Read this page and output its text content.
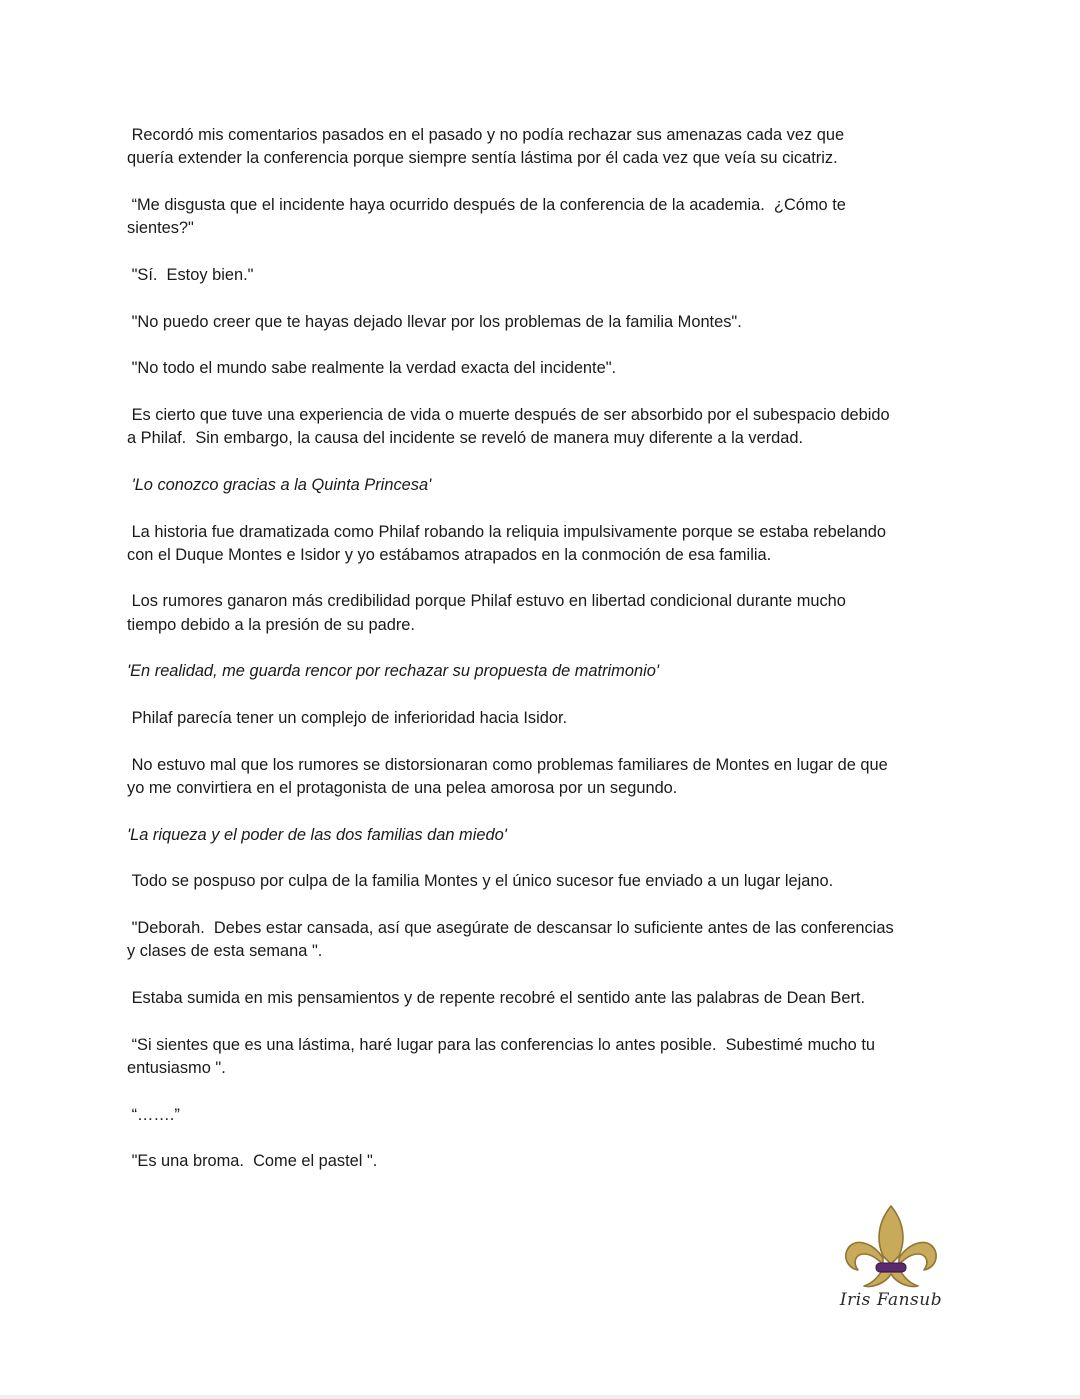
Recordó mis comentarios pasados en el pasado y no podía rechazar sus amenazas cada vez que
quería extender la conferencia porque siempre sentía lástima por él cada vez que veía su cicatriz.

“Me disgusta que el incidente haya ocurrido después de la conferencia de la academia.  ¿Cómo te
sientes?"

"Sí.  Estoy bien."

"No puedo creer que te hayas dejado llevar por los problemas de la familia Montes".

"No todo el mundo sabe realmente la verdad exacta del incidente".

Es cierto que tuve una experiencia de vida o muerte después de ser absorbido por el subespacio debido
a Philaf.  Sin embargo, la causa del incidente se reveló de manera muy diferente a la verdad.

'Lo conozco gracias a la Quinta Princesa'

La historia fue dramatizada como Philaf robando la reliquia impulsivamente porque se estaba rebelando
con el Duque Montes e Isidor y yo estábamos atrapados en la conmoción de esa familia.

Los rumores ganaron más credibilidad porque Philaf estuvo en libertad condicional durante mucho
tiempo debido a la presión de su padre.

'En realidad, me guarda rencor por rechazar su propuesta de matrimonio'

Philaf parecía tener un complejo de inferioridad hacia Isidor.

No estuvo mal que los rumores se distorsionaran como problemas familiares de Montes en lugar de que
yo me convirtiera en el protagonista de una pelea amorosa por un segundo.

'La riqueza y el poder de las dos familias dan miedo'

Todo se pospuso por culpa de la familia Montes y el único sucesor fue enviado a un lugar lejano.

"Deborah.  Debes estar cansada, así que asegúrate de descansar lo suficiente antes de las conferencias
y clases de esta semana ".

Estaba sumida en mis pensamientos y de repente recobré el sentido ante las palabras de Dean Bert.

“Si sientes que es una lástima, haré lugar para las conferencias lo antes posible.  Subestimé mucho tu
entusiasmo ".

“…….”

"Es una broma.  Come el pastel ".

Iris Fansub
